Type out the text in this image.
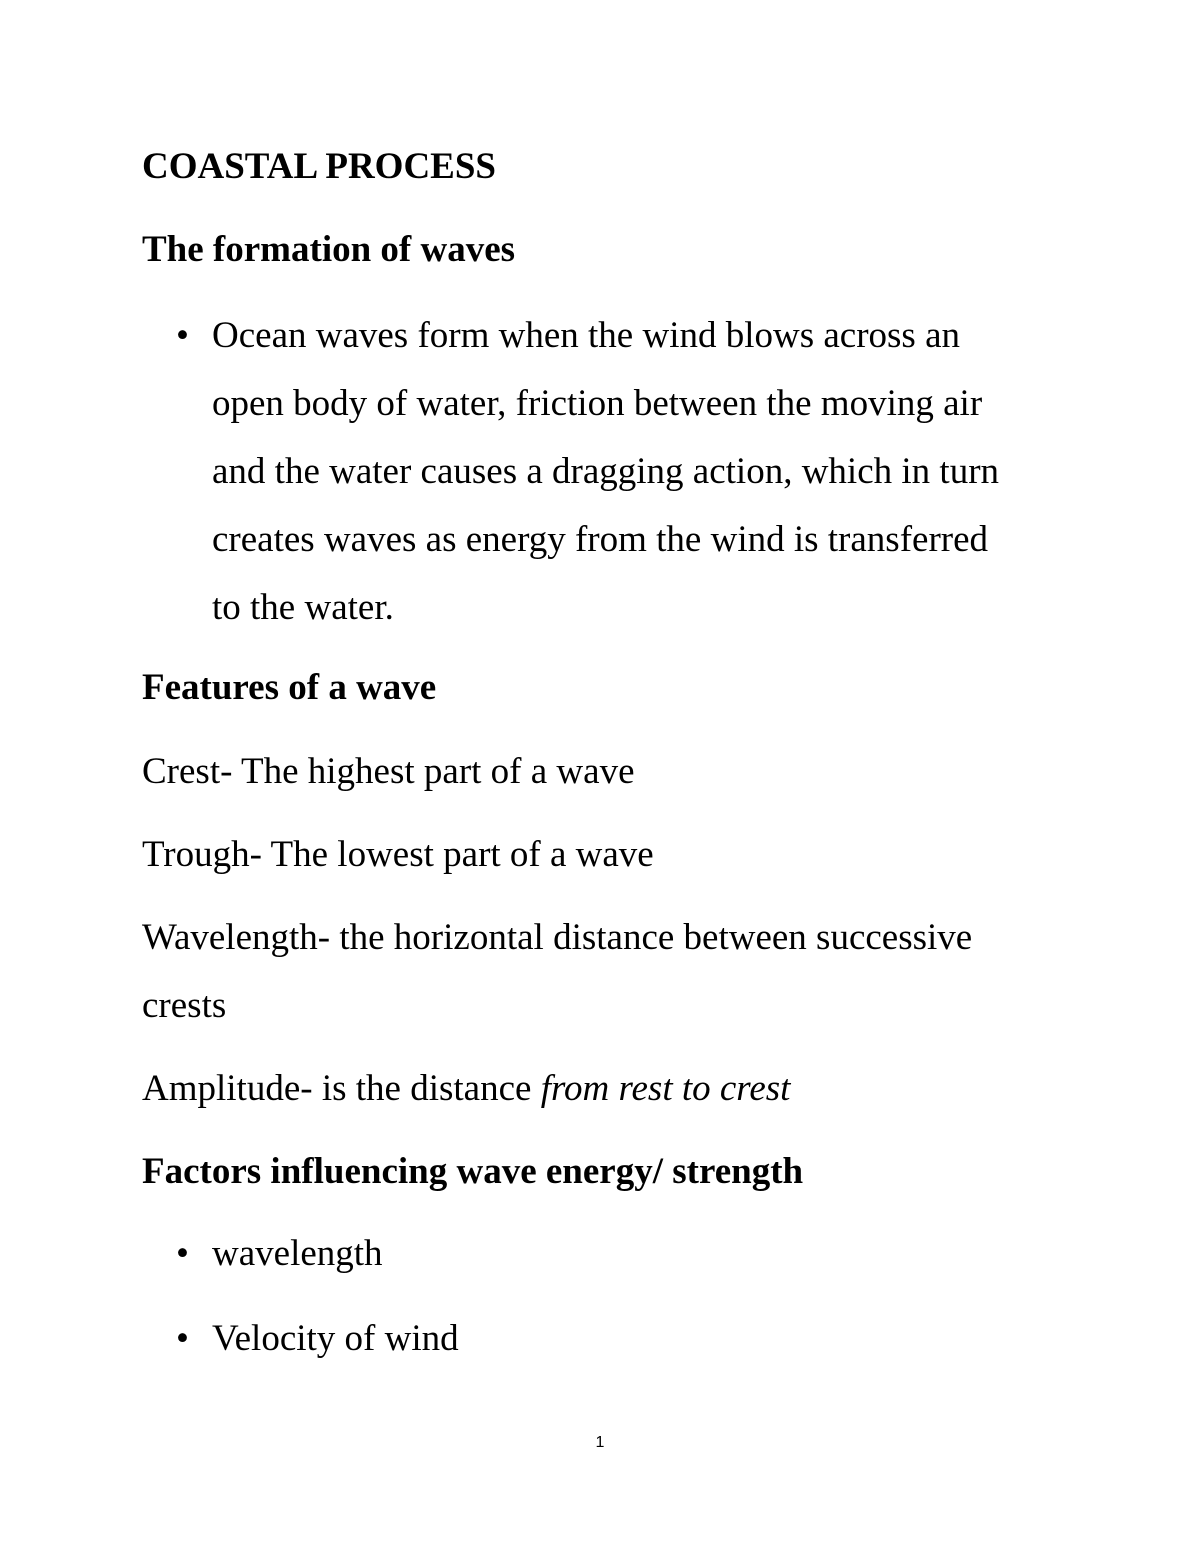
COASTAL PROCESS
The formation of waves
• Ocean waves form when the wind blows across an
open body of water, friction between the moving air
and the water causes a dragging action, which in turn
creates waves as energy from the wind is transferred
to the water.
Features of a wave

Crest- The highest part of a wave

Trough- The lowest part of a wave

Wavelength- the horizontal distance between successive

crests

Amplitude- is the distance from rest to crest

Factors influencing wave energy/ strength
• wavelength
• Velocity of wind
1
